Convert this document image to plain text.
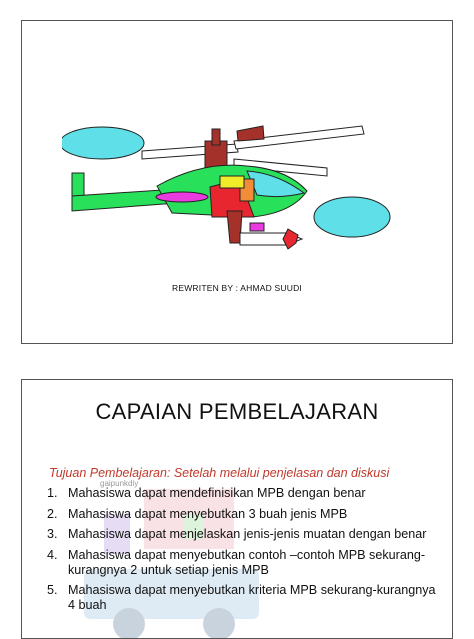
REWRITEN BY : AHMAD SUUDI
CAPAIAN PEMBELAJARAN
Tujuan Pembelajaran: Setelah melalui penjelasan dan diskusi
gaipunkdiy
1. Mahasiswa dapat mendefinisikan MPB dengan benar
2. Mahasiswa dapat menyebutkan 3 buah jenis MPB
3. Mahasiswa dapat menjelaskan jenis-jenis muatan dengan benar
4. Mahasiswa dapat menyebutkan contoh –contoh MPB sekurang-kurangnya 2 untuk setiap jenis MPB
5. Mahasiswa dapat menyebutkan kriteria MPB sekurang-kurangnya 4 buah
